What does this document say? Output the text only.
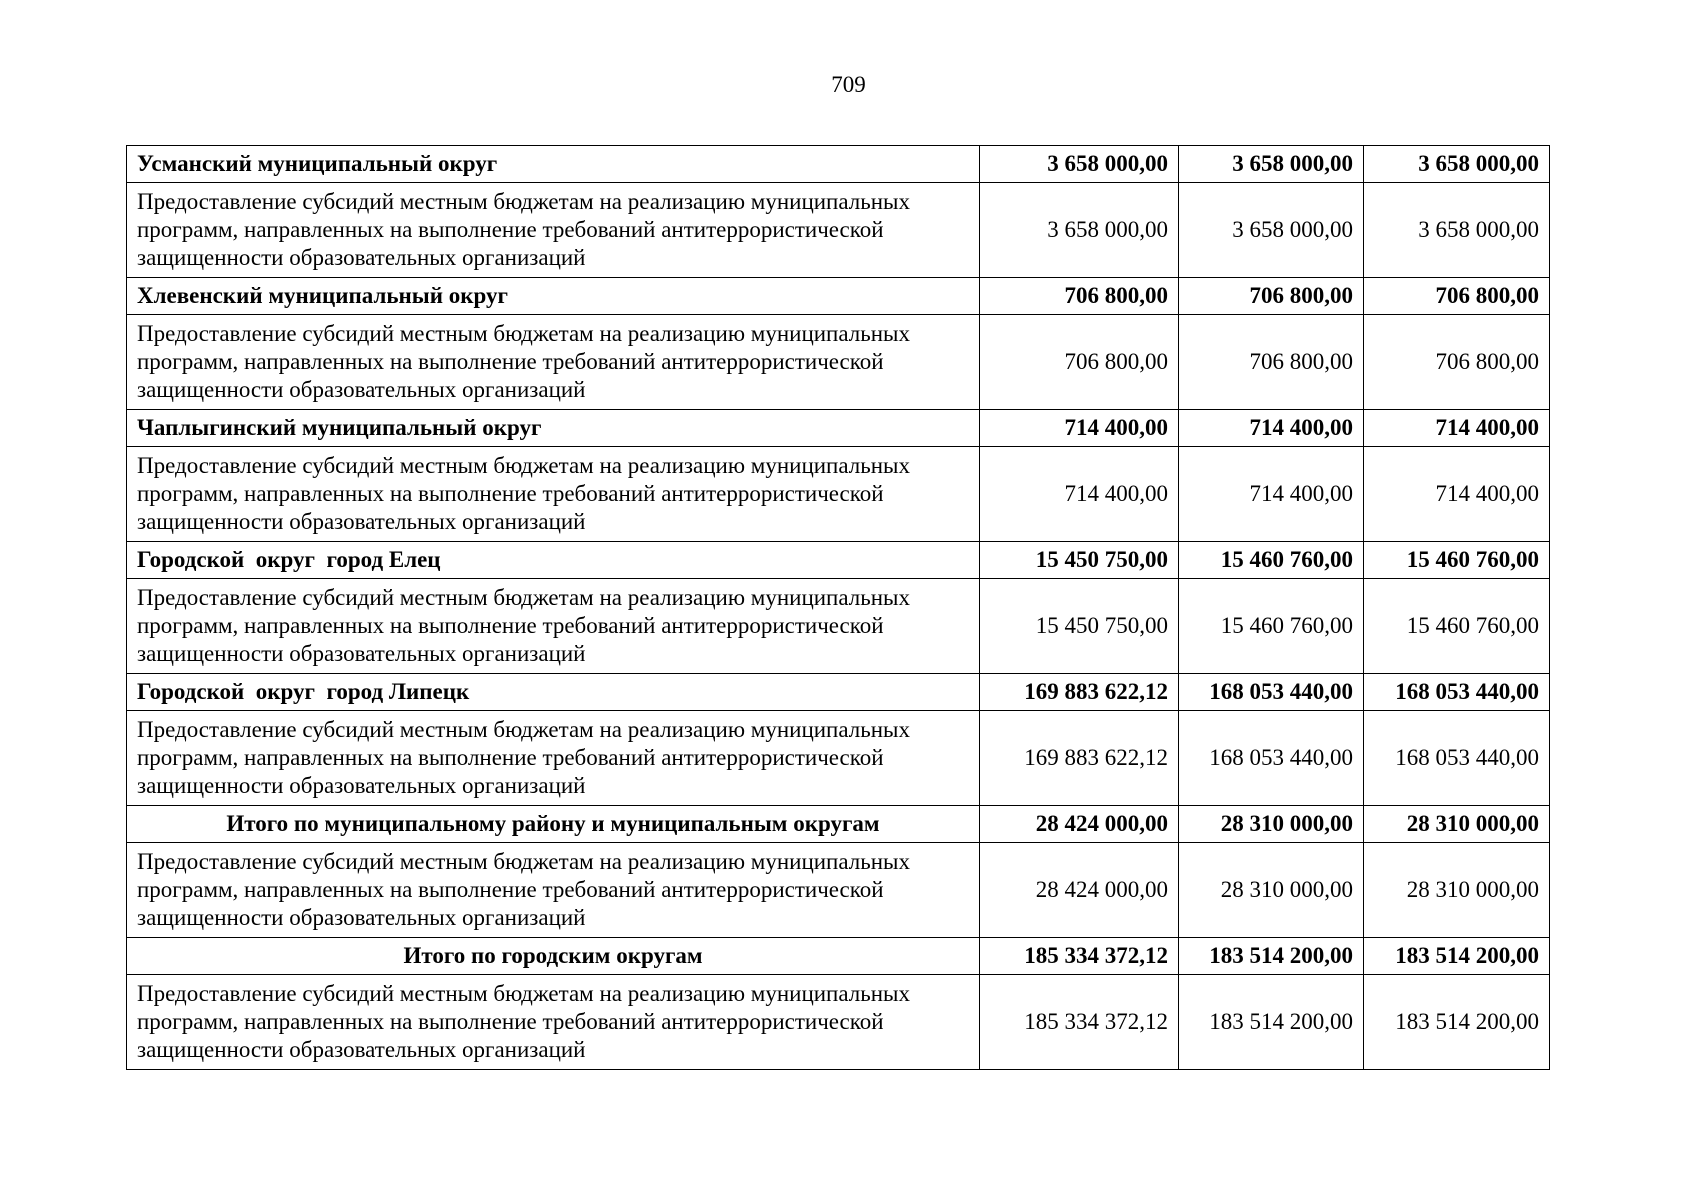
709
Усманский муниципальный округ	3 658 000,00	3 658 000,00	3 658 000,00
Предоставление субсидий местным бюджетам на реализацию муниципальных программ, направленных на выполнение требований антитеррористической защищенности образовательных организаций	3 658 000,00	3 658 000,00	3 658 000,00
Хлевенский муниципальный округ	706 800,00	706 800,00	706 800,00
Предоставление субсидий местным бюджетам на реализацию муниципальных программ, направленных на выполнение требований антитеррористической защищенности образовательных организаций	706 800,00	706 800,00	706 800,00
Чаплыгинский муниципальный округ	714 400,00	714 400,00	714 400,00
Предоставление субсидий местным бюджетам на реализацию муниципальных программ, направленных на выполнение требований антитеррористической защищенности образовательных организаций	714 400,00	714 400,00	714 400,00
Городской  округ  город Елец	15 450 750,00	15 460 760,00	15 460 760,00
Предоставление субсидий местным бюджетам на реализацию муниципальных программ, направленных на выполнение требований антитеррористической защищенности образовательных организаций	15 450 750,00	15 460 760,00	15 460 760,00
Городской  округ  город Липецк	169 883 622,12	168 053 440,00	168 053 440,00
Предоставление субсидий местным бюджетам на реализацию муниципальных программ, направленных на выполнение требований антитеррористической защищенности образовательных организаций	169 883 622,12	168 053 440,00	168 053 440,00
Итого по муниципальному району и муниципальным округам	28 424 000,00	28 310 000,00	28 310 000,00
Предоставление субсидий местным бюджетам на реализацию муниципальных программ, направленных на выполнение требований антитеррористической защищенности образовательных организаций	28 424 000,00	28 310 000,00	28 310 000,00
Итого по городским округам	185 334 372,12	183 514 200,00	183 514 200,00
Предоставление субсидий местным бюджетам на реализацию муниципальных программ, направленных на выполнение требований антитеррористической защищенности образовательных организаций	185 334 372,12	183 514 200,00	183 514 200,00
